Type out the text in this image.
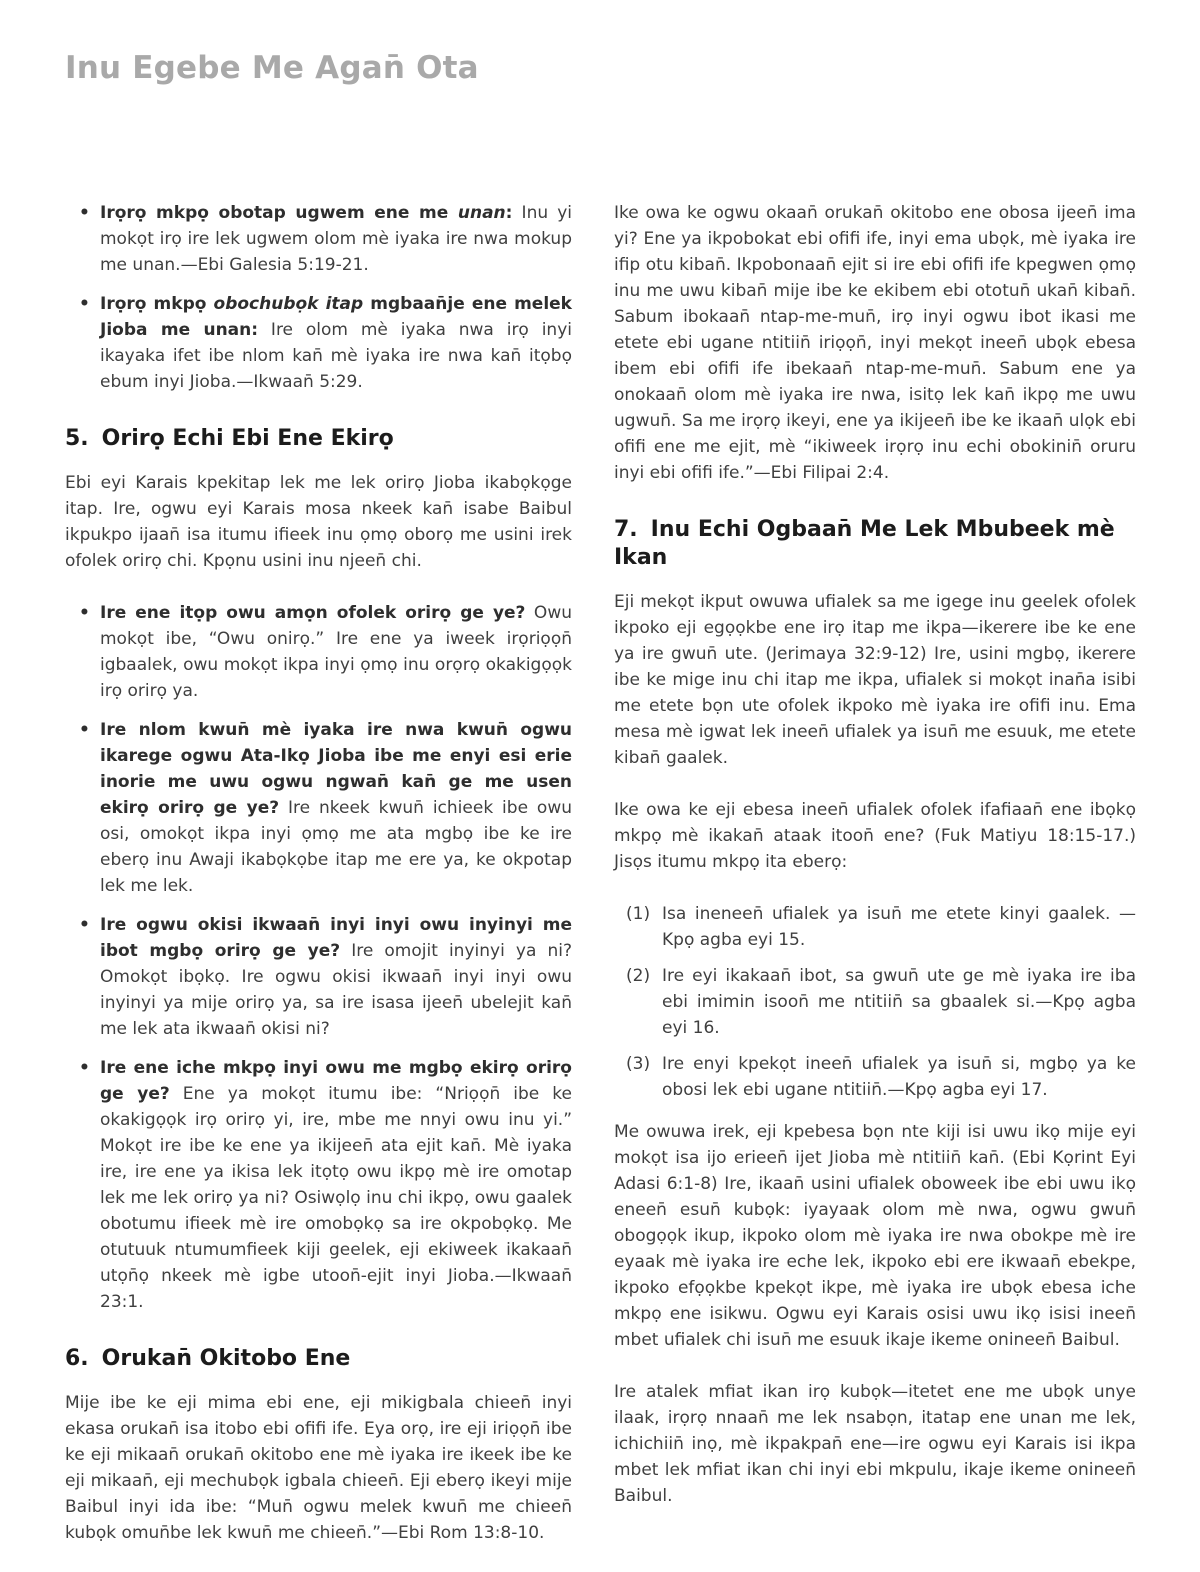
Inu Egebe Me Agan̄ Ota
• Irọrọ mkpọ obotap ugwem ene me unan: Inu yi mokọt irọ ire lek ugwem olom mè iyaka ire nwa mokup me unan.—Ebi Galesia 5:19-21.
• Irọrọ mkpọ obochubọk itap mgbaan̄je ene melek Jioba me unan: Ire olom mè iyaka nwa irọ inyi ikayaka ifet ibe nlom kan̄ mè iyaka ire nwa kan̄ itọbọ ebum inyi Jioba.—Ikwaan̄ 5:29.
5. Orirọ Echi Ebi Ene Ekirọ

Ebi eyi Karais kpekitap lek me lek orirọ Jioba ikabọkọge itap. Ire, ogwu eyi Karais mosa nkeek kan̄ isabe Baibul ikpukpo ijaan̄ isa itumu ifieek inu ọmọ oborọ me usini irek ofolek orirọ chi. Kpọnu usini inu njeen̄ chi.

• Ire ene itọp owu amọn ofolek orirọ ge ye? Owu mokọt ibe, “Owu onirọ.” Ire ene ya iweek irọriọọn̄ igbaalek, owu mokọt ikpa inyi ọmọ inu orọrọ okakigọọk irọ orirọ ya.
• Ire nlom kwun̄ mè iyaka ire nwa kwun̄ ogwu ikarege ogwu Ata-Ikọ Jioba ibe me enyi esi erie inorie me uwu ogwu ngwan̄ kan̄ ge me usen ekirọ orirọ ge ye? Ire nkeek kwun̄ ichieek ibe owu osi, omokọt ikpa inyi ọmọ me ata mgbọ ibe ke ire eberọ inu Awaji ikabọkọbe itap me ere ya, ke okpotap lek me lek.
• Ire ogwu okisi ikwaan̄ inyi inyi owu inyinyi me ibot mgbọ orirọ ge ye? Ire omojit inyinyi ya ni? Omokọt ibọkọ. Ire ogwu okisi ikwaan̄ inyi inyi owu inyinyi ya mije orirọ ya, sa ire isasa ijeen̄ ubelejit kan̄ me lek ata ikwaan̄ okisi ni?
• Ire ene iche mkpọ inyi owu me mgbọ ekirọ orirọ ge ye? Ene ya mokọt itumu ibe: “Nriọọn̄ ibe ke okakigọọk irọ orirọ yi, ire, mbe me nnyi owu inu yi.” Mokọt ire ibe ke ene ya ikijeen̄ ata ejit kan̄. Mè iyaka ire, ire ene ya ikisa lek itọtọ owu ikpọ mè ire omotap lek me lek orirọ ya ni? Osiwọlọ inu chi ikpọ, owu gaalek obotumu ifieek mè ire omobọkọ sa ire okpobọkọ. Me otutuuk ntumumfieek kiji geelek, eji ekiweek ikakaan̄ utọn̄ọ nkeek mè igbe utoon̄-ejit inyi Jioba.—Ikwaan̄ 23:1.
6. Orukan̄ Okitobo Ene

Mije ibe ke eji mima ebi ene, eji mikigbala chieen̄ inyi ekasa orukan̄ isa itobo ebi ofifi ife. Eya orọ, ire eji iriọọn̄ ibe ke eji mikaan̄ orukan̄ okitobo ene mè iyaka ire ikeek ibe ke eji mikaan̄, eji mechubọk igbala chieen̄. Eji eberọ ikeyi mije Baibul inyi ida ibe: “Mun̄ ogwu melek kwun̄ me chieen̄ kubọk omun̄be lek kwun̄ me chieen̄.”—Ebi Rom 13:8-10.

Ike owa ke ogwu okaan̄ orukan̄ okitobo ene obosa ijeen̄ ima yi? Ene ya ikpobokat ebi ofifi ife, inyi ema ubọk, mè iyaka ire ifip otu kiban̄. Ikpobonaan̄ ejit si ire ebi ofifi ife kpegwen ọmọ inu me uwu kiban̄ mije ibe ke ekibem ebi ototun̄ ukan̄ kiban̄. Sabum ibokaan̄ ntap-me-mun̄, irọ inyi ogwu ibot ikasi me etete ebi ugane ntitiin̄ iriọọn̄, inyi mekọt ineen̄ ubọk ebesa ibem ebi ofifi ife ibekaan̄ ntap-me-mun̄. Sabum ene ya onokaan̄ olom mè iyaka ire nwa, isitọ lek kan̄ ikpọ me uwu ugwun̄. Sa me irọrọ ikeyi, ene ya ikijeen̄ ibe ke ikaan̄ ulọk ebi ofifi ene me ejit, mè “ikiweek irọrọ inu echi obokinin̄ oruru inyi ebi ofifi ife.”—Ebi Filipai 2:4.

7. Inu Echi Ogbaan̄ Me Lek Mbubeek mè Ikan

Eji mekọt ikput owuwa ufialek sa me igege inu geelek ofolek ikpoko eji egọọkbe ene irọ itap me ikpa—ikerere ibe ke ene ya ire gwun̄ ute. (Jerimaya 32:9-12) Ire, usini mgbọ, ikerere ibe ke mige inu chi itap me ikpa, ufialek si mokọt inan̄a isibi me etete bọn ute ofolek ikpoko mè iyaka ire ofifi inu. Ema mesa mè igwat lek ineen̄ ufialek ya isun̄ me esuuk, me etete kiban̄ gaalek.

Ike owa ke eji ebesa ineen̄ ufialek ofolek ifafiaan̄ ene ibọkọ mkpọ mè ikakan̄ ataak itoon̄ ene? (Fuk Matiyu 18:15-17.) Jisọs itumu mkpọ ita eberọ:

(1) Isa ineneen̄ ufialek ya isun̄ me etete kinyi gaalek. —Kpọ agba eyi 15.
(2) Ire eyi ikakaan̄ ibot, sa gwun̄ ute ge mè iyaka ire iba ebi imimin isoon̄ me ntitiin̄ sa gbaalek si.—Kpọ agba eyi 16.
(3) Ire enyi kpekọt ineen̄ ufialek ya isun̄ si, mgbọ ya ke obosi lek ebi ugane ntitiin̄.—Kpọ agba eyi 17.

Me owuwa irek, eji kpebesa bọn nte kiji isi uwu ikọ mije eyi mokọt isa ijo erieen̄ ijet Jioba mè ntitiin̄ kan̄. (Ebi Kọrint Eyi Adasi 6:1-8) Ire, ikaan̄ usini ufialek oboweek ibe ebi uwu ikọ eneen̄ esun̄ kubọk: iyayaak olom mè nwa, ogwu gwun̄ obogọọk ikup, ikpoko olom mè iyaka ire nwa obokpe mè ire eyaak mè iyaka ire eche lek, ikpoko ebi ere ikwaan̄ ebekpe, ikpoko efọọkbe kpekọt ikpe, mè iyaka ire ubọk ebesa iche mkpọ ene isikwu. Ogwu eyi Karais osisi uwu ikọ isisi ineen̄ mbet ufialek chi isun̄ me esuuk ikaje ikeme onineen̄ Baibul.

Ire atalek mfiat ikan irọ kubọk—itetet ene me ubọk unye ilaak, irọrọ nnaan̄ me lek nsabọn, itatap ene unan me lek, ichichiin̄ inọ, mè ikpakpan̄ ene—ire ogwu eyi Karais isi ikpa mbet lek mfiat ikan chi inyi ebi mkpulu, ikaje ikeme onineen̄ Baibul.
